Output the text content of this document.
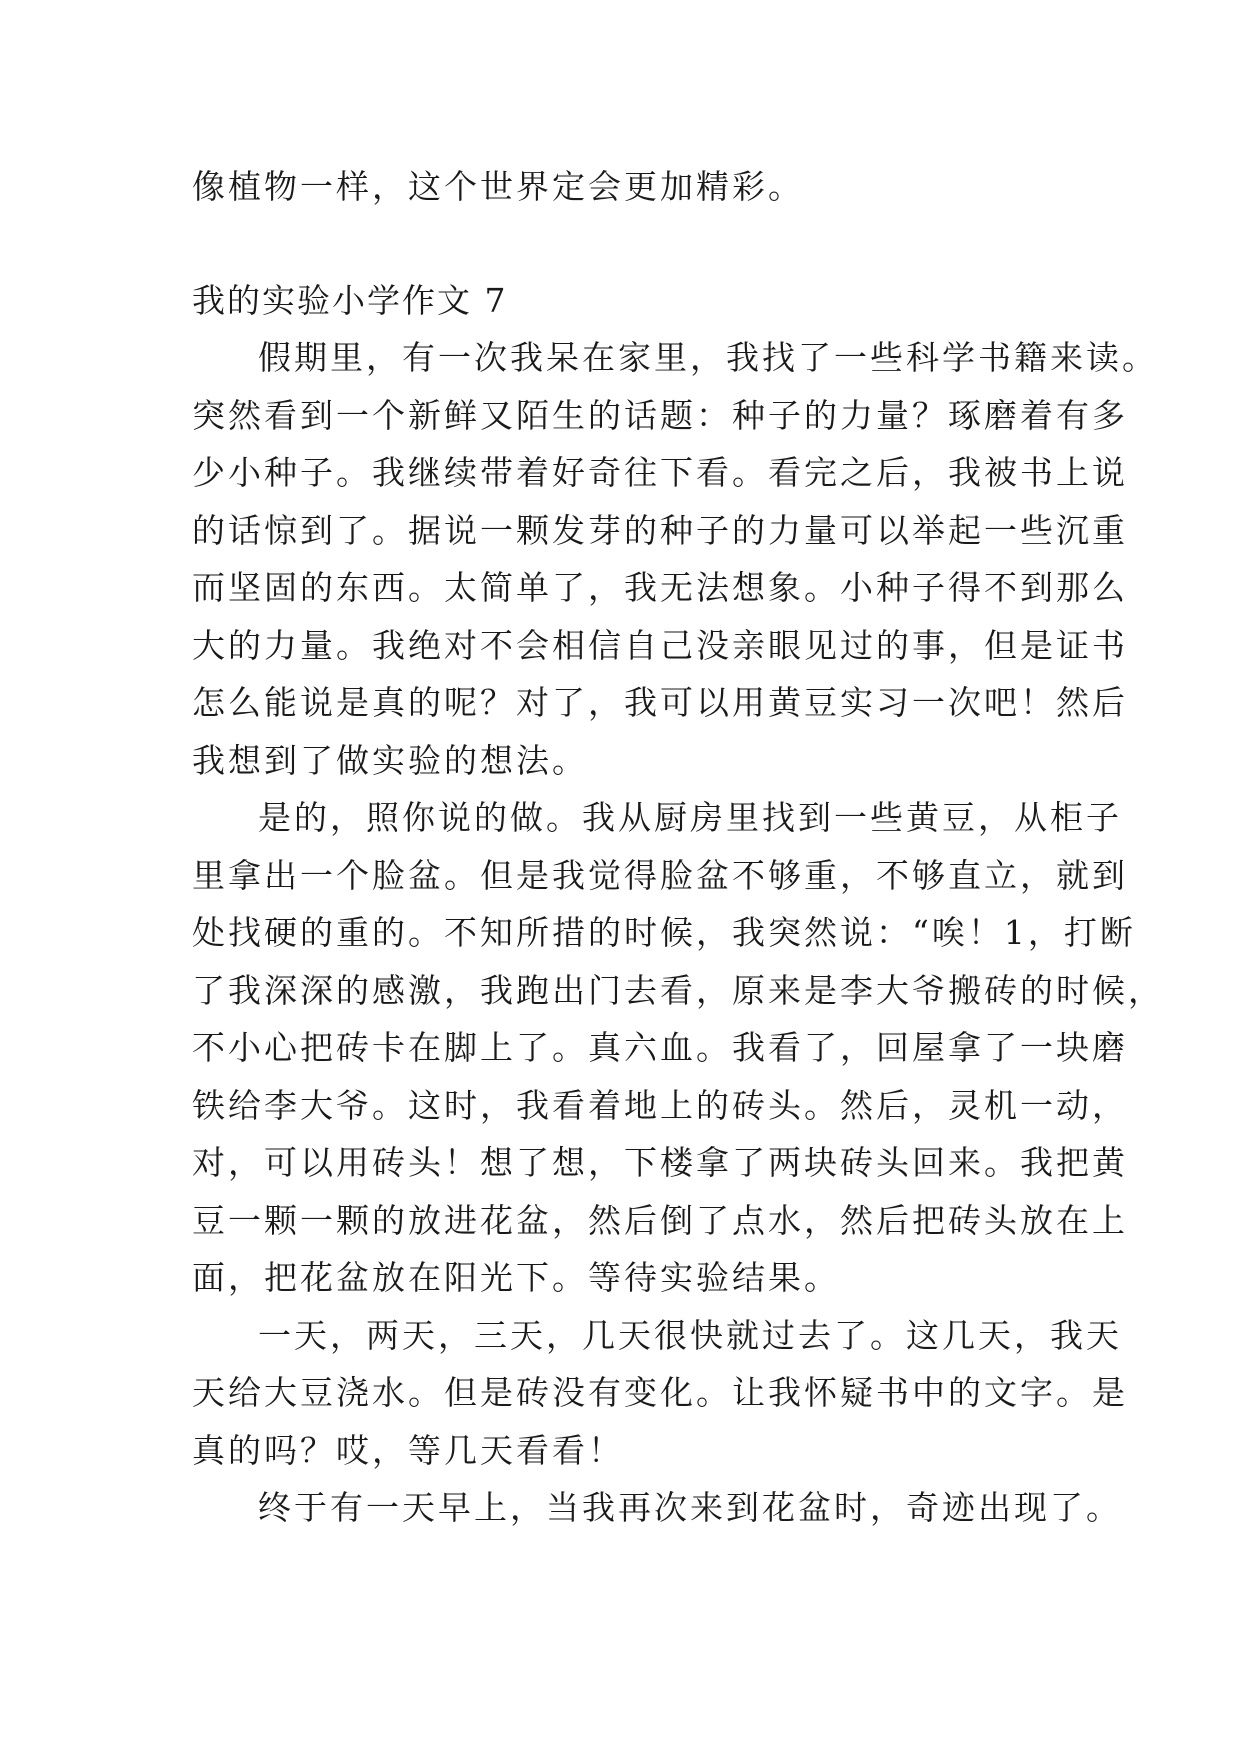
像植物一样，这个世界定会更加精彩。

我的实验小学作文 7

假期里，有一次我呆在家里，我找了一些科学书籍来读。

突然看到一个新鲜又陌生的话题：种子的力量？琢磨着有多

少小种子。我继续带着好奇往下看。看完之后，我被书上说

的话惊到了。据说一颗发芽的种子的力量可以举起一些沉重

而坚固的东西。太简单了，我无法想象。小种子得不到那么

大的力量。我绝对不会相信自己没亲眼见过的事，但是证书

怎么能说是真的呢？对了，我可以用黄豆实习一次吧！然后

我想到了做实验的想法。

是的，照你说的做。我从厨房里找到一些黄豆，从柜子

里拿出一个脸盆。但是我觉得脸盆不够重，不够直立，就到

处找硬的重的。不知所措的时候，我突然说：“唉！1，打断

了我深深的感激，我跑出门去看，原来是李大爷搬砖的时候，

不小心把砖卡在脚上了。真六血。我看了，回屋拿了一块磨

铁给李大爷。这时，我看着地上的砖头。然后，灵机一动，

对，可以用砖头！想了想，下楼拿了两块砖头回来。我把黄

豆一颗一颗的放进花盆，然后倒了点水，然后把砖头放在上

面，把花盆放在阳光下。等待实验结果。

一天，两天，三天，几天很快就过去了。这几天，我天

天给大豆浇水。但是砖没有变化。让我怀疑书中的文字。是

真的吗？哎，等几天看看！

终于有一天早上，当我再次来到花盆时，奇迹出现了。
